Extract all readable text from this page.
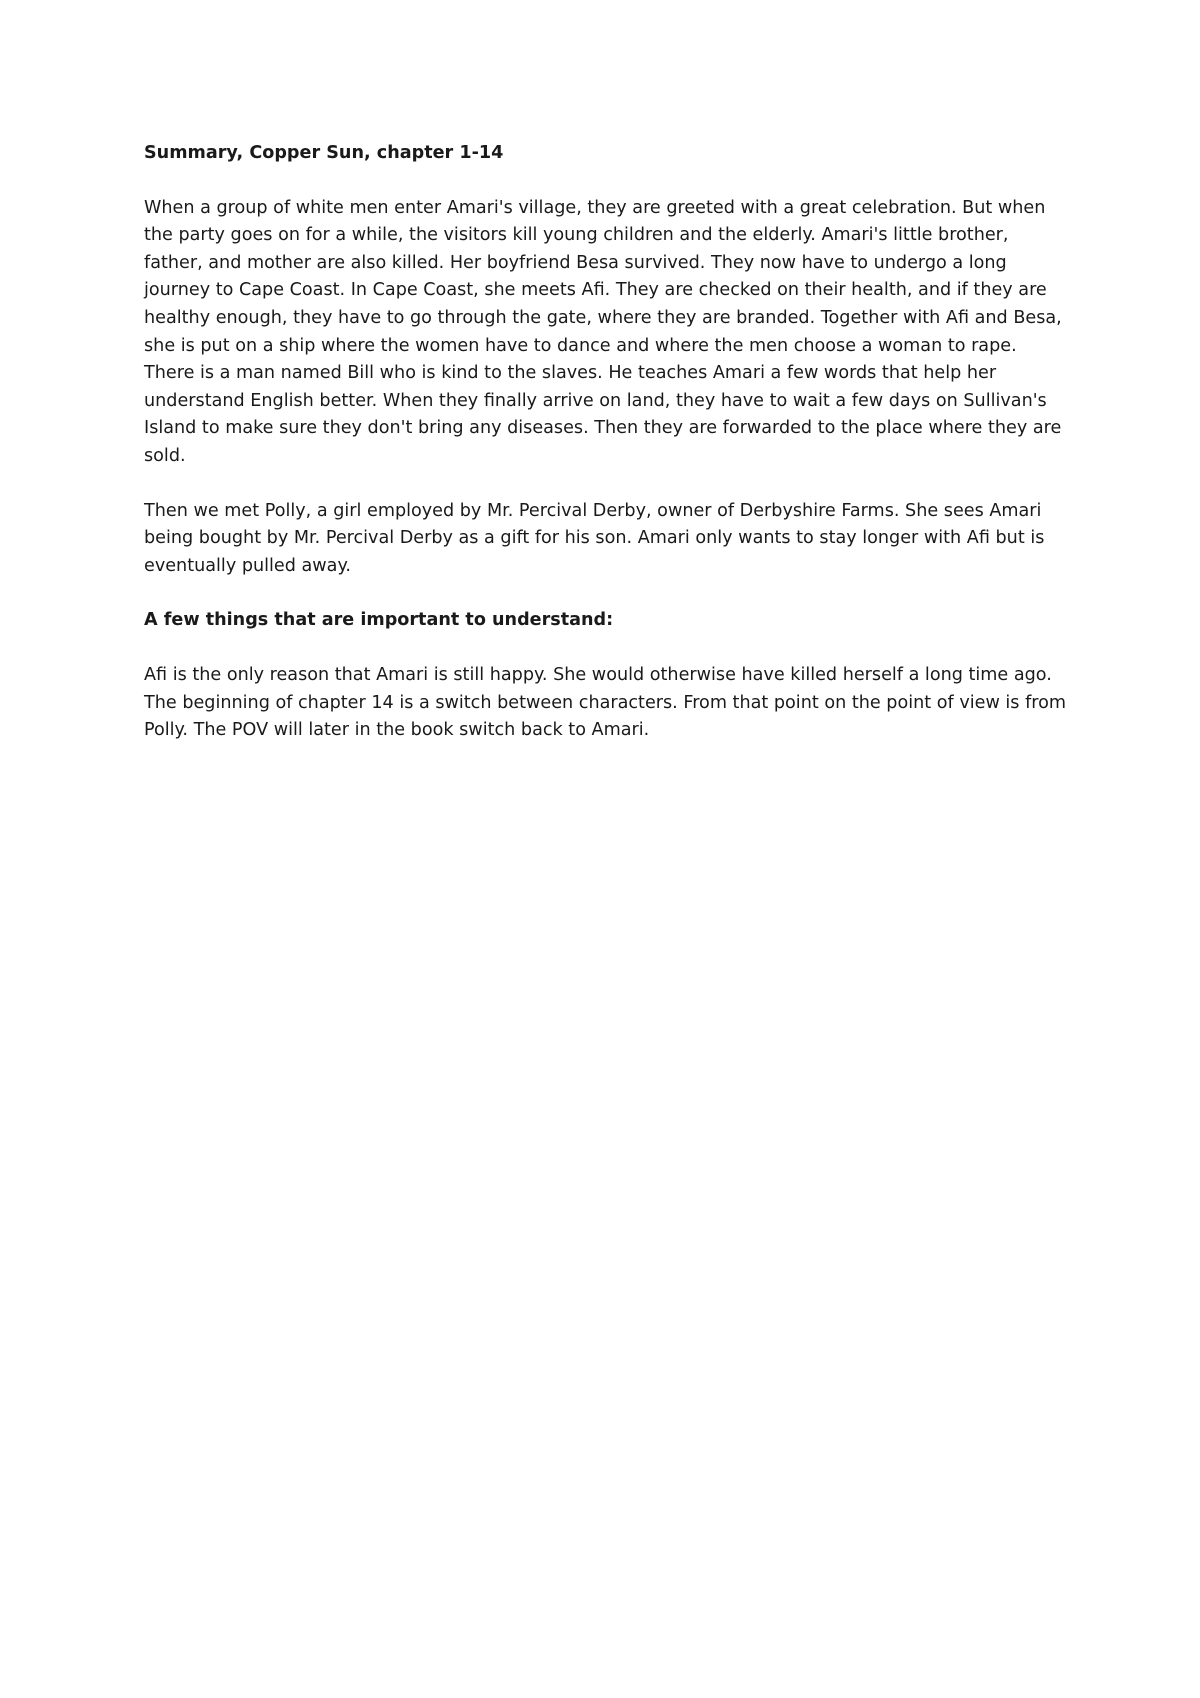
Summary, Copper Sun, chapter 1-14

When a group of white men enter Amari's village, they are greeted with a great celebration. But when the party goes on for a while, the visitors kill young children and the elderly. Amari's little brother, father, and mother are also killed. Her boyfriend Besa survived. They now have to undergo a long journey to Cape Coast. In Cape Coast, she meets Afi. They are checked on their health, and if they are healthy enough, they have to go through the gate, where they are branded. Together with Afi and Besa, she is put on a ship where the women have to dance and where the men choose a woman to rape. There is a man named Bill who is kind to the slaves. He teaches Amari a few words that help her understand English better. When they finally arrive on land, they have to wait a few days on Sullivan's Island to make sure they don't bring any diseases. Then they are forwarded to the place where they are sold.

Then we met Polly, a girl employed by Mr. Percival Derby, owner of Derbyshire Farms. She sees Amari being bought by Mr. Percival Derby as a gift for his son. Amari only wants to stay longer with Afi but is eventually pulled away.

A few things that are important to understand:

Afi is the only reason that Amari is still happy. She would otherwise have killed herself a long time ago.

The beginning of chapter 14 is a switch between characters. From that point on the point of view is from Polly. The POV will later in the book switch back to Amari.
